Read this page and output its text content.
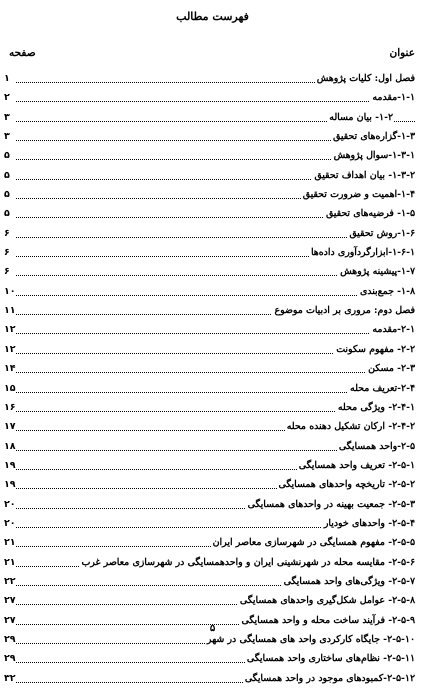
فهرست مطالب
عنوان
صفحه
فصل اول: کلیات پژوهش
۱
۱-۱-مقدمه
۲
۱-۲- بیان مساله
۳
۱-۳-گزاره‌های تحقیق
۳
۱-۳-۱-سوال پژوهش
۵
۱-۳-۲- بیان اهداف تحقیق
۵
۱-۴-اهمیت و ضرورت تحقیق
۵
۱-۵- فرضیه‌های تحقیق
۵
۱-۶-روش تحقیق
۶
۱-۶-۱-ابزارگردآوری داده‌ها
۶
۱-۷-پیشینه پژوهش
۶
۱-۸- جمع‌بندی
۱۰
فصل دوم: مروری بر ادبیات موضوع
۱۱
۲-۱-مقدمه
۱۲
۲-۲- مفهوم سکونت
۱۲
۲-۳- مسکن
۱۴
۲-۴-تعریف محله
۱۵
۲-۴-۱- ویژگی محله
۱۶
۲-۴-۲- ارکان تشکیل دهنده محله
۱۷
۲-۵-واحد همسایگی
۱۸
۲-۵-۱- تعریف واحد همسایگی
۱۹
۲-۵-۲- تاریخچه واحدهای همسایگی
۱۹
۲-۵-۳- جمعیت بهینه در واحدهای همسایگی
۲۰
۲-۵-۴- واحدهای خودیار
۲۰
۲-۵-۵- مفهوم همسایگی در شهرسازی معاصر ایران
۲۱
۲-۵-۶- مقایسه محله در شهرنشینی ایران و واحدهمسایگی در شهرسازی معاصر غرب
۲۱
۲-۵-۷- ویژگی‌های واحد همسایگی
۲۲
۲-۵-۸- عوامل شکل‌گیری واحدهای همسایگی
۲۷
۲-۵-۹- فرآیند ساخت محله و واحد همسایگی
۲۷
۲-۵-۱۰- جایگاه کارکردی واحد های همسایگی در شهر
۲۹
۲-۵-۱۱- نظام‌های ساختاری واحد همسایگی
۲۹
۲-۵-۱۲-کمبودهای موجود در واحد همسایگی
۳۲
۵
